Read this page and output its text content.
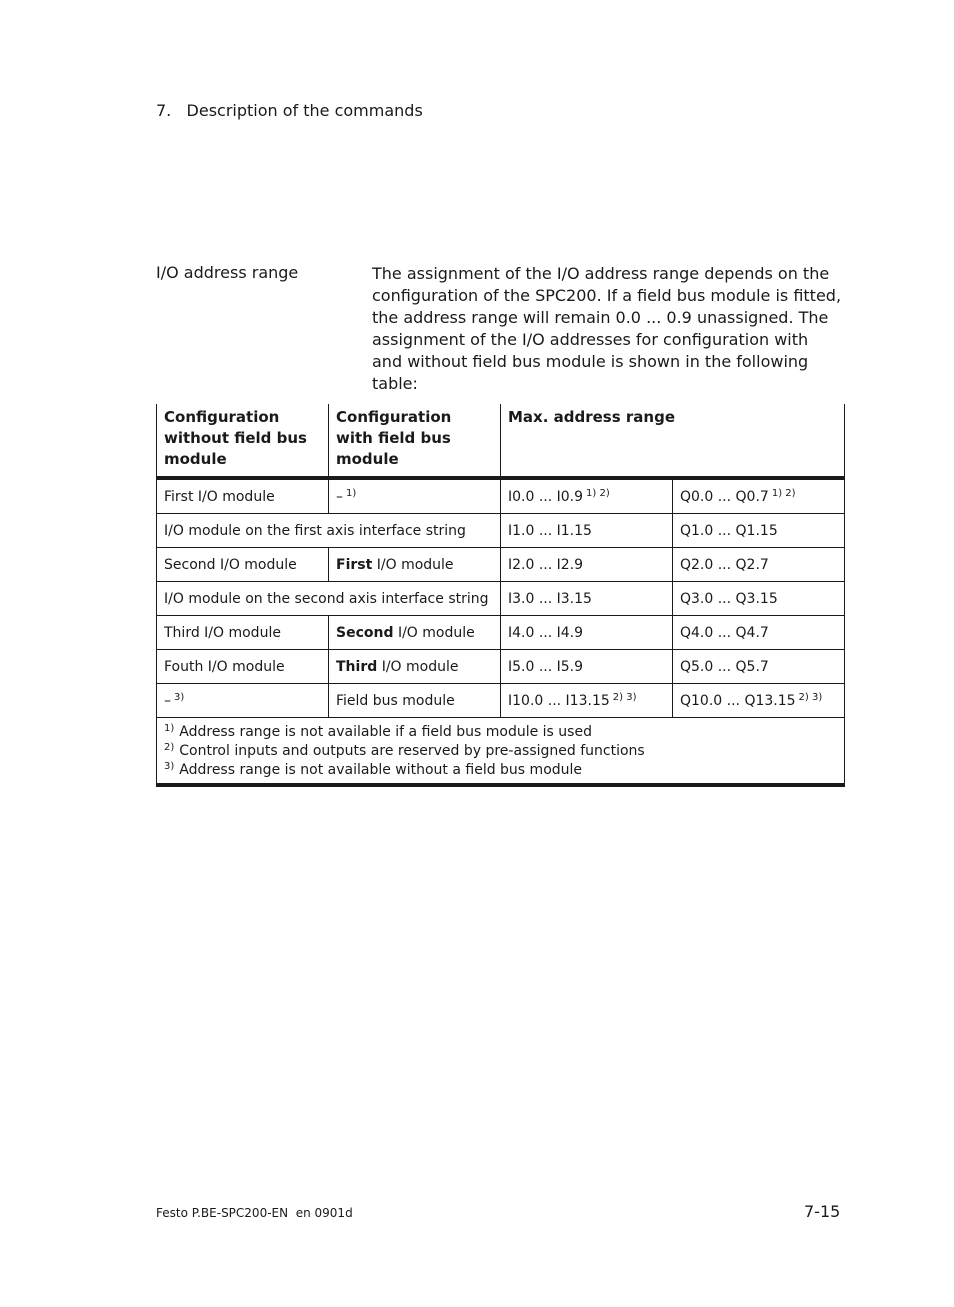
7. Description of the commands
I/O address range	The assignment of the I/O address range depends on the configuration of the SPC200. If a field bus module is fitted, the address range will remain 0.0 ... 0.9 unassigned. The assignment of the I/O addresses for configuration with and without field bus module is shown in the following table:
Configuration without field bus module	Configuration with field bus module	Max. address range	
First I/O module	– $^{1)}$	I0.0 ... I0.9 $^{1) 2)}$	Q0.0 ... Q0.7 $^{1) 2)}$
I/O module on the first axis interface string		I1.0 ... I1.15	Q1.0 ... Q1.15
Second I/O module	First I/O module	I2.0 ... I2.9	Q2.0 ... Q2.7
I/O module on the second axis interface string		I3.0 ... I3.15	Q3.0 ... Q3.15
Third I/O module	Second I/O module	I4.0 ... I4.9	Q4.0 ... Q4.7
Fouth I/O module	Third I/O module	I5.0 ... I5.9	Q5.0 ... Q5.7
– $^{3)}$	Field bus module	I10.0 ... I13.15 $^{2) 3)}$	Q10.0 ... Q13.15 $^{2) 3)}$

$^{1)}$ Address range is not available if a field bus module is used
$^{2)}$ Control inputs and outputs are reserved by pre-assigned functions
$^{3)}$ Address range is not available without a field bus module			
Festo P.BE-SPC200-EN  en 0901d	7-15
